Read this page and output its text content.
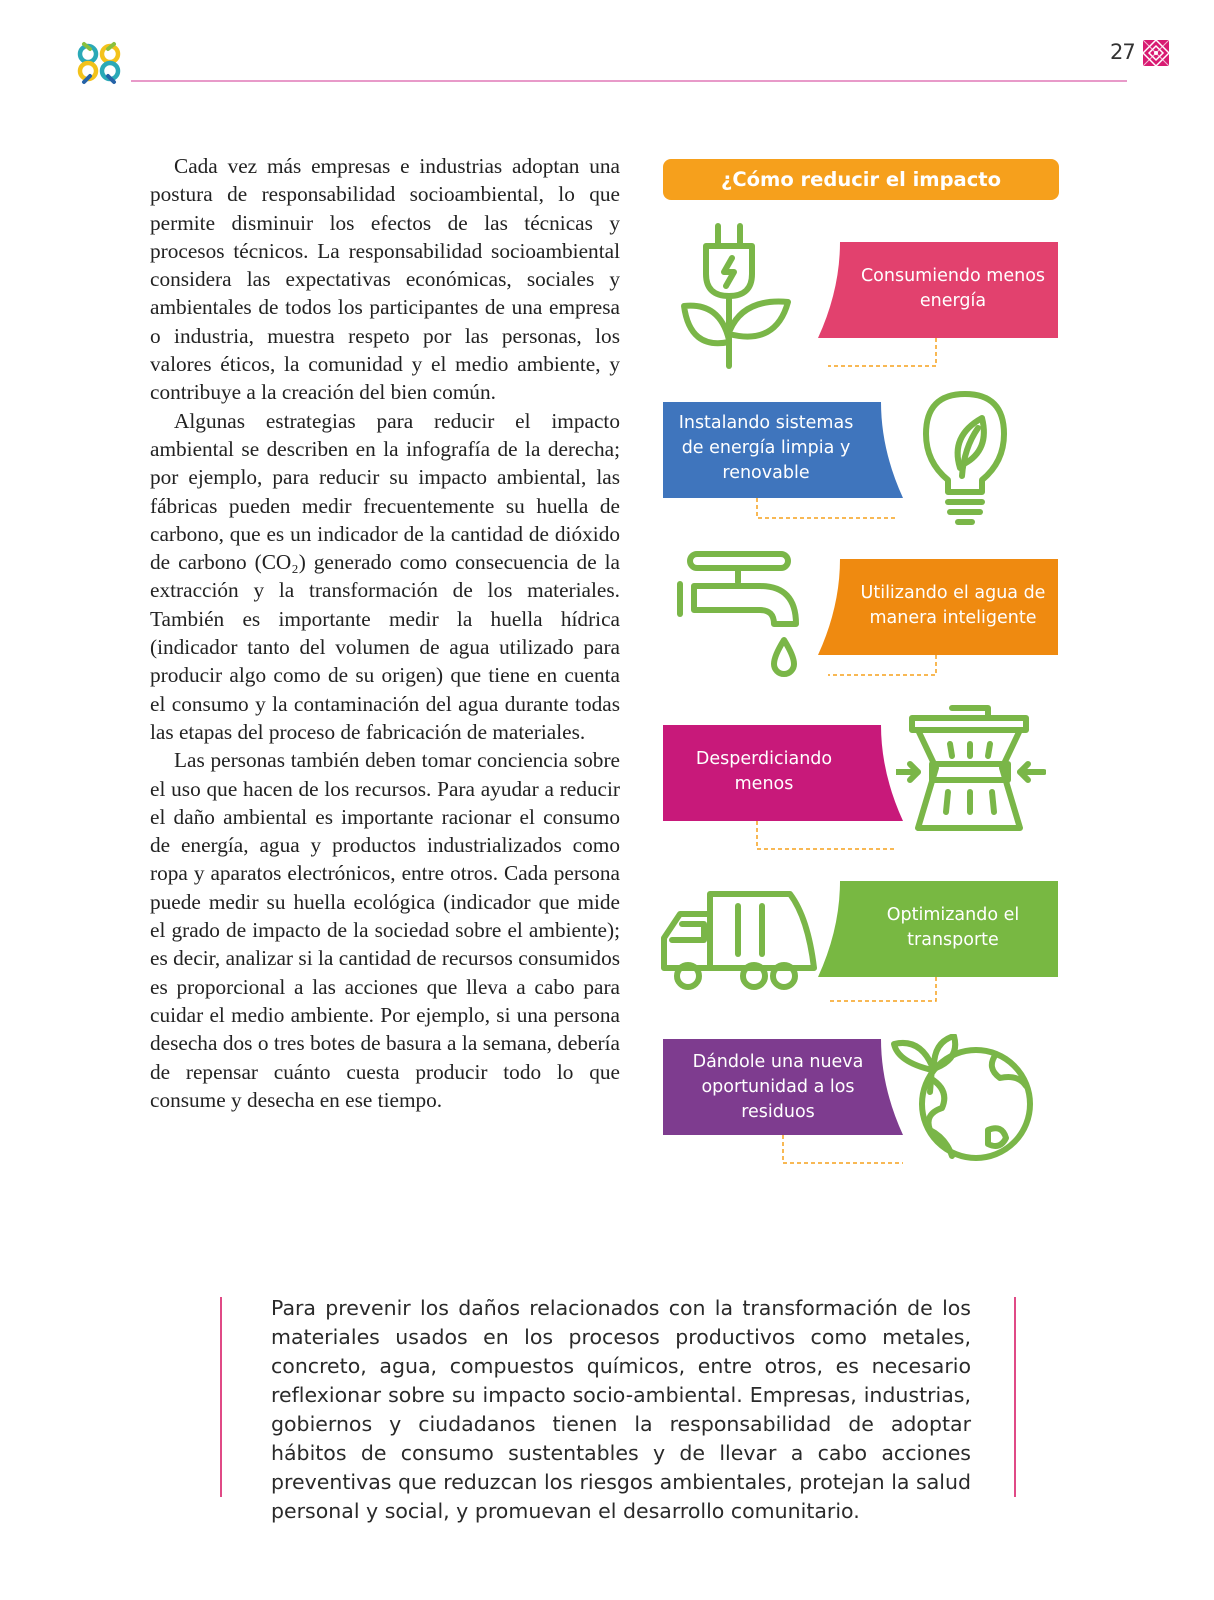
27

Cada vez más empresas e industrias adoptan una postura de responsabilidad socioambiental, lo que permite disminuir los efectos de las técnicas y procesos técnicos. La responsabilidad socioambiental considera las expectativas económicas, sociales y ambientales de todos los participantes de una empresa o industria, muestra respeto por las personas, los valores éticos, la comunidad y el medio ambiente, y contribuye a la creación del bien común.

Algunas estrategias para reducir el impacto ambiental se describen en la infografía de la derecha; por ejemplo, para reducir su impacto ambiental, las fábricas pueden medir frecuentemente su huella de carbono, que es un indicador de la cantidad de dióxido de carbono (CO₂) generado como consecuencia de la extracción y la transformación de los materiales. También es importante medir la huella hídrica (indicador tanto del volumen de agua utilizado para producir algo como de su origen) que tiene en cuenta el consumo y la contaminación del agua durante todas las etapas del proceso de fabricación de materiales.

Las personas también deben tomar conciencia sobre el uso que hacen de los recursos. Para ayudar a reducir el daño ambiental es importante racionar el consumo de energía, agua y productos industrializados como ropa y aparatos electrónicos, entre otros. Cada persona puede medir su huella ecológica (indicador que mide el grado de impacto de la sociedad sobre el ambiente); es decir, analizar si la cantidad de recursos consumidos es proporcional a las acciones que lleva a cabo para cuidar el medio ambiente. Por ejemplo, si una persona desecha dos o tres botes de basura a la semana, debería de repensar cuánto cuesta producir todo lo que consume y desecha en ese tiempo.

¿Cómo reducir el impacto ambiental?
Consumiendo menos energía
Instalando sistemas de energía limpia y renovable
Utilizando el agua de manera inteligente
Desperdiciando menos
Optimizando el transporte
Dándole una nueva oportunidad a los residuos
Para prevenir los daños relacionados con la transformación de los materiales usados en los procesos productivos como metales, concreto, agua, compuestos químicos, entre otros, es necesario reflexionar sobre su impacto socio-ambiental. Empresas, industrias, gobiernos y ciudadanos tienen la responsabilidad de adoptar hábitos de consumo sustentables y de llevar a cabo acciones preventivas que reduzcan los riesgos ambientales, protejan la salud personal y social, y promuevan el desarrollo comunitario.
